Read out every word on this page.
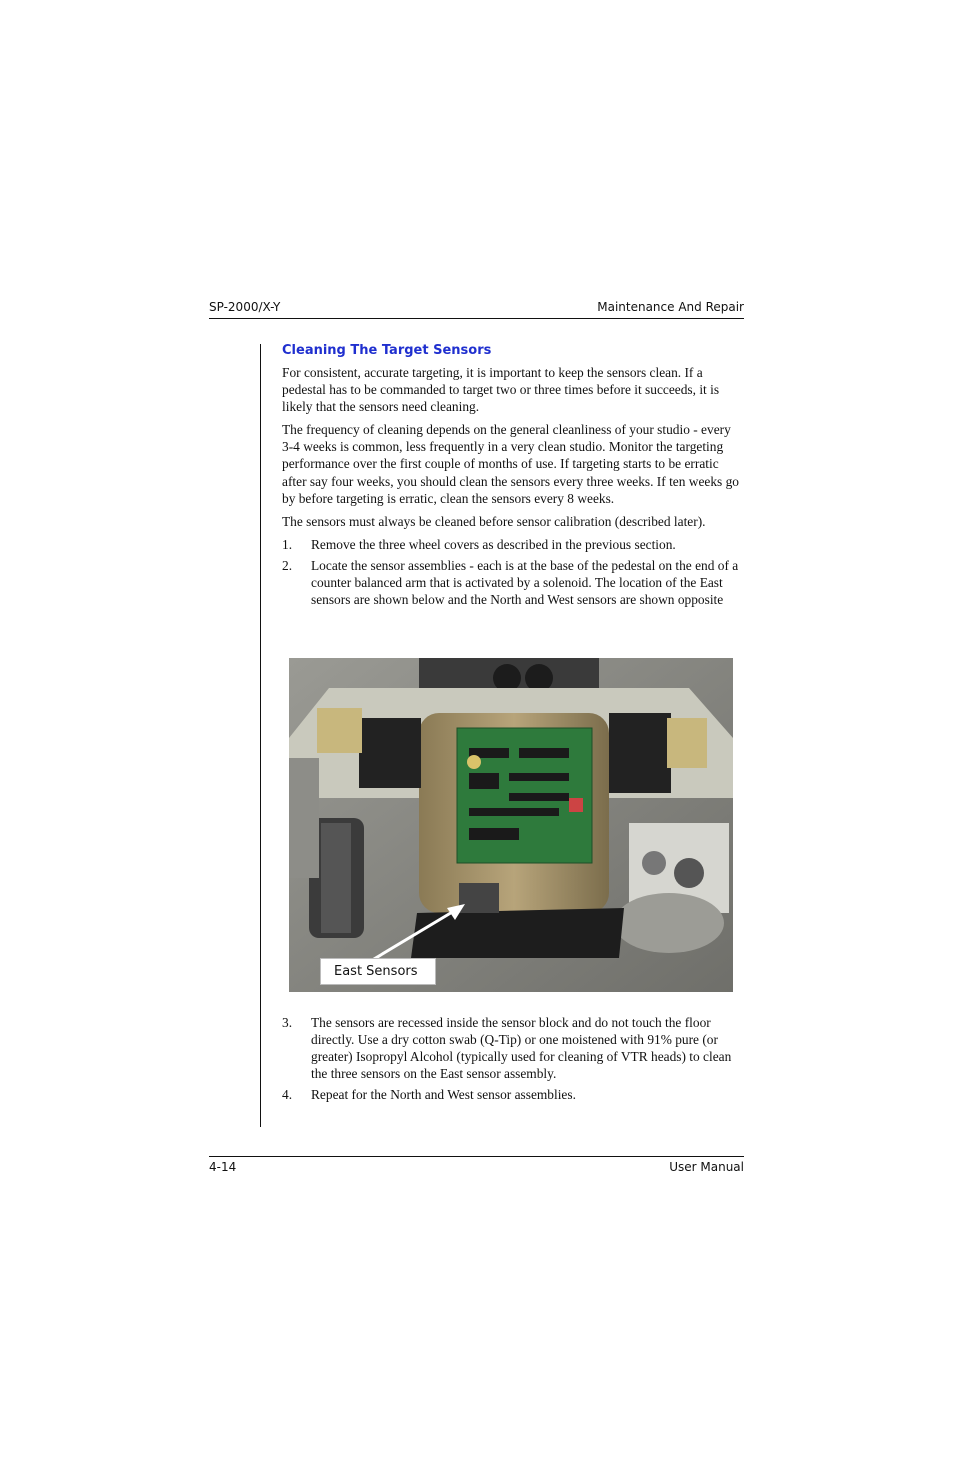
SP-2000/X-Y	Maintenance And Repair
Cleaning The Target Sensors

For consistent, accurate targeting, it is important to keep the sensors clean. If a pedestal has to be commanded to target two or three times before it succeeds, it is likely that the sensors need cleaning.

The frequency of cleaning depends on the general cleanliness of your studio - every 3-4 weeks is common, less frequently in a very clean studio. Monitor the targeting performance over the first couple of months of use. If targeting starts to be erratic after say four weeks, you should clean the sensors every three weeks. If ten weeks go by before targeting is erratic, clean the sensors every 8 weeks.

The sensors must always be cleaned before sensor calibration (described later).

1. Remove the three wheel covers as described in the previous section.
2. Locate the sensor assemblies - each is at the base of the pedestal on the end of a counter balanced arm that is activated by a solenoid. The location of the East sensors are shown below and the North and West sensors are shown opposite
East Sensors
3. The sensors are recessed inside the sensor block and do not touch the floor directly. Use a dry cotton swab (Q-Tip) or one moistened with 91% pure (or greater) Isopropyl Alcohol (typically used for cleaning of VTR heads) to clean the three sensors on the East sensor assembly.
4. Repeat for the North and West sensor assemblies.
4-14	User Manual
